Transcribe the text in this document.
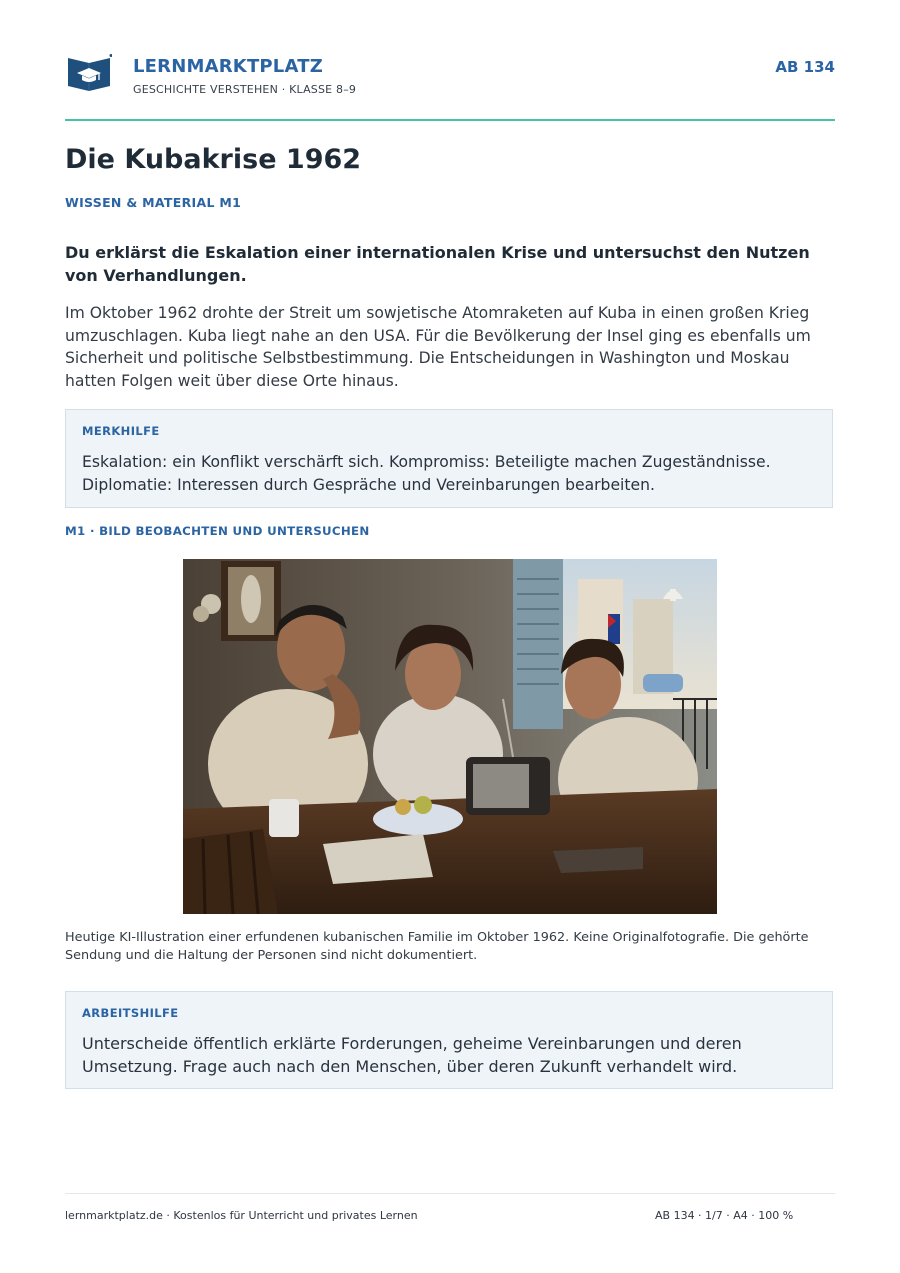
LERNMARKTPLATZ
GESCHICHTE VERSTEHEN · KLASSE 8–9
AB 134
Die Kubakrise 1962
WISSEN & MATERIAL M1

Du erklärst die Eskalation einer internationalen Krise und untersuchst den Nutzen von Verhandlungen.

Im Oktober 1962 drohte der Streit um sowjetische Atomraketen auf Kuba in einen großen Krieg umzuschlagen. Kuba liegt nahe an den USA. Für die Bevölkerung der Insel ging es ebenfalls um Sicherheit und politische Selbstbestimmung. Die Entscheidungen in Washington und Moskau hatten Folgen weit über diese Orte hinaus.

MERKHILFE

Eskalation: ein Konflikt verschärft sich. Kompromiss: Beteiligte machen Zugeständnisse. Diplomatie: Interessen durch Gespräche und Vereinbarungen bearbeiten.

M1 · BILD BEOBACHTEN UND UNTERSUCHEN

Heutige KI-Illustration einer erfundenen kubanischen Familie im Oktober 1962. Keine Originalfotografie. Die gehörte Sendung und die Haltung der Personen sind nicht dokumentiert.

ARBEITSHILFE

Unterscheide öffentlich erklärte Forderungen, geheime Vereinbarungen und deren Umsetzung. Frage auch nach den Menschen, über deren Zukunft verhandelt wird.

lernmarktplatz.de · Kostenlos für Unterricht und privates Lernen	AB 134 · 1/7 · A4 · 100 %
